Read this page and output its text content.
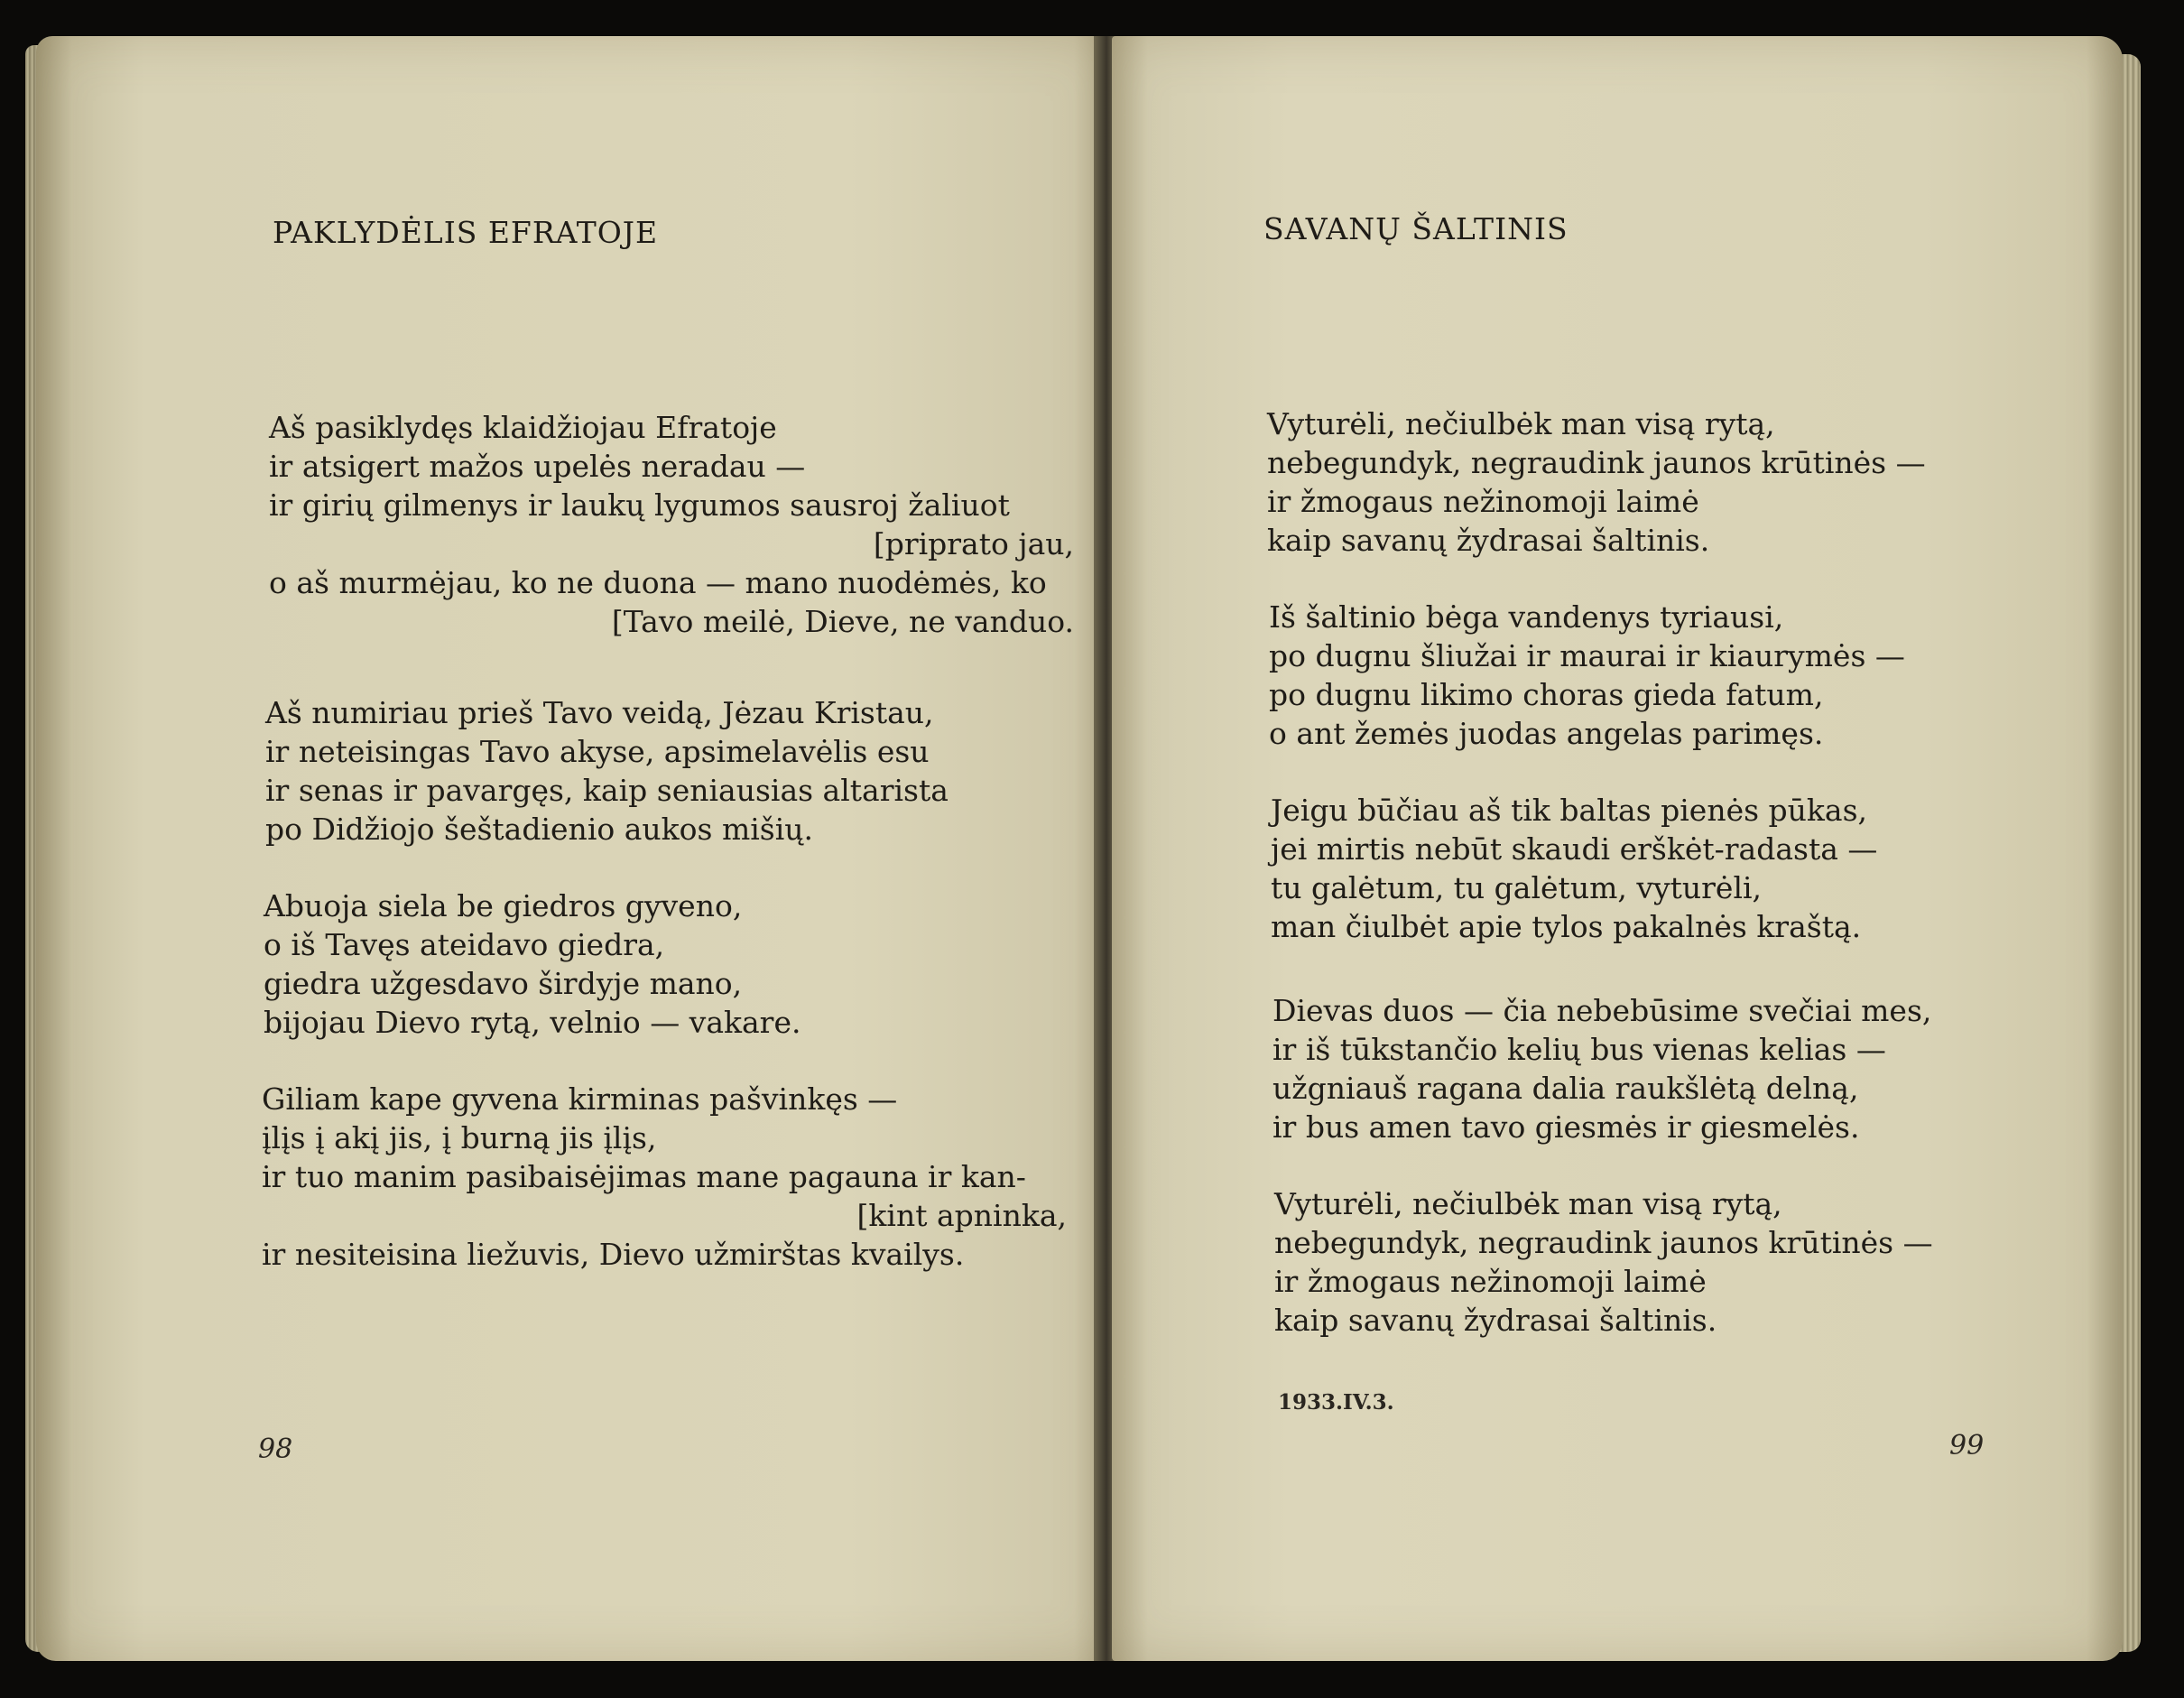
PAKLYDĖLIS EFRATOJE
Aš pasiklydęs klaidžiojau Efratoje
ir atsigert mažos upelės neradau —
ir girių gilmenys ir laukų lygumos sausroj žaliuot
[priprato jau,
o aš murmėjau, ko ne duona — mano nuodėmės, ko
[Tavo meilė, Dieve, ne vanduo.
Aš numiriau prieš Tavo veidą, Jėzau Kristau,
ir neteisingas Tavo akyse, apsimelavėlis esu
ir senas ir pavargęs, kaip seniausias altarista
po Didžiojo šeštadienio aukos mišių.
Abuoja siela be giedros gyveno,
o iš Tavęs ateidavo giedra,
giedra užgesdavo širdyje mano,
bijojau Dievo rytą, velnio — vakare.
Giliam kape gyvena kirminas pašvinkęs —
įlįs į akį jis, į burną jis įlįs,
ir tuo manim pasibaisėjimas mane pagauna ir kan-
[kint apninka,
ir nesiteisina liežuvis, Dievo užmirštas kvailys.
98
SAVANŲ ŠALTINIS
Vyturėli, nečiulbėk man visą rytą,
nebegundyk, negraudink jaunos krūtinės —
ir žmogaus nežinomoji laimė
kaip savanų žydrasai šaltinis.
Iš šaltinio bėga vandenys tyriausi,
po dugnu šliužai ir maurai ir kiaurymės —
po dugnu likimo choras gieda fatum,
o ant žemės juodas angelas parimęs.
Jeigu būčiau aš tik baltas pienės pūkas,
jei mirtis nebūt skaudi erškėt-radasta —
tu galėtum, tu galėtum, vyturėli,
man čiulbėt apie tylos pakalnės kraštą.
Dievas duos — čia nebebūsime svečiai mes,
ir iš tūkstančio kelių bus vienas kelias —
užgniauš ragana dalia raukšlėtą delną,
ir bus amen tavo giesmės ir giesmelės.
Vyturėli, nečiulbėk man visą rytą,
nebegundyk, negraudink jaunos krūtinės —
ir žmogaus nežinomoji laimė
kaip savanų žydrasai šaltinis.
1933.IV.3.
99
